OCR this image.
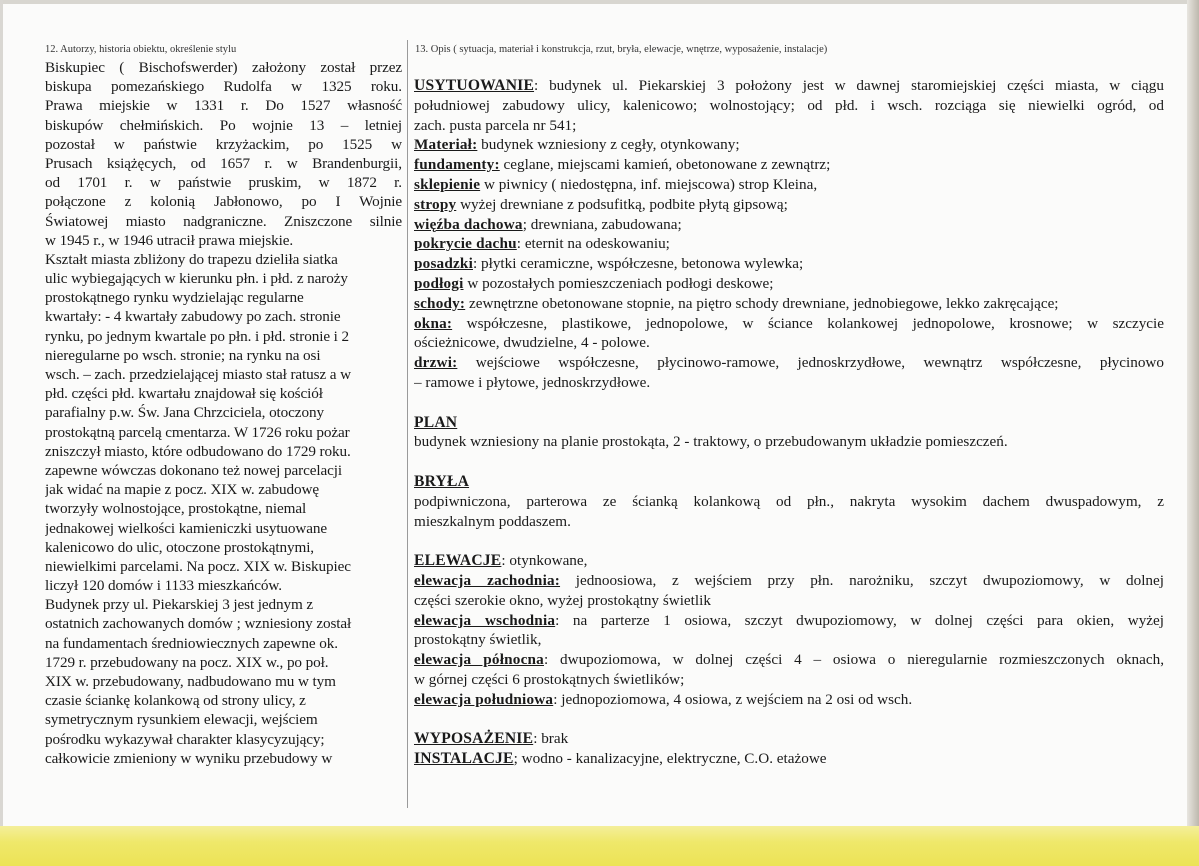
12. Autorzy, historia obiektu, określenie stylu	13. Opis ( sytuacja, materiał i konstrukcja, rzut, bryła, elewacje, wnętrze, wyposażenie, instalacje)
Biskupiec ( Bischofswerder) założony został przez
biskupa pomezańskiego Rudolfa w 1325 roku.
Prawa miejskie w 1331 r. Do 1527 własność
biskupów chełmińskich. Po wojnie 13 – letniej
pozostał w państwie krzyżackim, po 1525 w
Prusach książęcych, od 1657 r. w Brandenburgii,
od 1701 r. w państwie pruskim, w 1872 r.
połączone z kolonią Jabłonowo, po I Wojnie
Światowej miasto nadgraniczne. Zniszczone silnie
w 1945 r., w 1946 utracił prawa miejskie.
Kształt miasta zbliżony do trapezu dzieliła siatka
ulic wybiegających w kierunku płn. i płd. z naroży
prostokątnego rynku wydzielając regularne
kwartały: - 4 kwartały zabudowy po zach. stronie
rynku, po jednym kwartale po płn. i płd. stronie i 2
nieregularne po wsch. stronie; na rynku na osi
wsch. – zach. przedzielającej miasto stał ratusz a w
płd. części płd. kwartału znajdował się kościół
parafialny p.w. Św. Jana Chrzciciela, otoczony
prostokątną parcelą cmentarza. W 1726 roku pożar
zniszczył miasto, które odbudowano do 1729 roku.
zapewne wówczas dokonano też nowej parcelacji
jak widać na mapie z pocz. XIX w. zabudowę
tworzyły wolnostojące, prostokątne, niemal
jednakowej wielkości kamieniczki usytuowane
kalenicowo do ulic, otoczone prostokątnymi,
niewielkimi parcelami. Na pocz. XIX w. Biskupiec
liczył 120 domów i 1133 mieszkańców.
Budynek przy ul. Piekarskiej 3 jest jednym z
ostatnich zachowanych domów ; wzniesiony został
na fundamentach średniowiecznych zapewne ok.
1729 r. przebudowany na pocz. XIX w., po poł.
XIX w. przebudowany, nadbudowano mu w tym
czasie ściankę kolankową od strony ulicy, z
symetrycznym rysunkiem elewacji, wejściem
pośrodku wykazywał charakter klasycyzujący;
całkowicie zmieniony w wyniku przebudowy w
USYTUOWANIE: budynek ul. Piekarskiej 3 położony jest w dawnej staromiejskiej części miasta, w ciągu
południowej zabudowy ulicy, kalenicowo; wolnostojący; od płd. i wsch. rozciąga się niewielki ogród, od
zach. pusta parcela nr 541;
Materiał: budynek wzniesiony z cegły, otynkowany;
fundamenty: ceglane, miejscami kamień, obetonowane z zewnątrz;
sklepienie w piwnicy ( niedostępna, inf. miejscowa) strop Kleina,
stropy wyżej drewniane z podsufitką, podbite płytą gipsową;
więźba dachowa; drewniana, zabudowana;
pokrycie dachu: eternit na odeskowaniu;
posadzki: płytki ceramiczne, współczesne, betonowa wylewka;
podłogi w pozostałych pomieszczeniach podłogi deskowe;
schody: zewnętrzne obetonowane stopnie, na piętro schody drewniane, jednobiegowe, lekko zakręcające;
okna: współczesne, plastikowe, jednopolowe, w ściance kolankowej jednopolowe, krosnowe; w szczycie
ościeżnicowe, dwudzielne, 4 - polowe.
drzwi: wejściowe współczesne, płycinowo-ramowe, jednoskrzydłowe, wewnątrz współczesne, płycinowo
– ramowe i płytowe, jednoskrzydłowe.
PLAN
budynek wzniesiony na planie prostokąta, 2 - traktowy, o przebudowanym układzie pomieszczeń.
BRYŁA
podpiwniczona, parterowa ze ścianką kolankową od płn., nakryta wysokim dachem dwuspadowym, z
mieszkalnym poddaszem.
ELEWACJE: otynkowane,
elewacja zachodnia: jednoosiowa, z wejściem przy płn. narożniku, szczyt dwupoziomowy, w dolnej
części szerokie okno, wyżej prostokątny świetlik
elewacja wschodnia: na parterze 1 osiowa, szczyt dwupoziomowy, w dolnej części para okien, wyżej
prostokątny świetlik,
elewacja północna: dwupoziomowa, w dolnej części 4 – osiowa o nieregularnie rozmieszczonych oknach,
w górnej części 6 prostokątnych świetlików;
elewacja południowa: jednopoziomowa, 4 osiowa, z wejściem na 2 osi od wsch.
WYPOSAŻENIE: brak
INSTALACJE; wodno - kanalizacyjne, elektryczne, C.O. etażowe
